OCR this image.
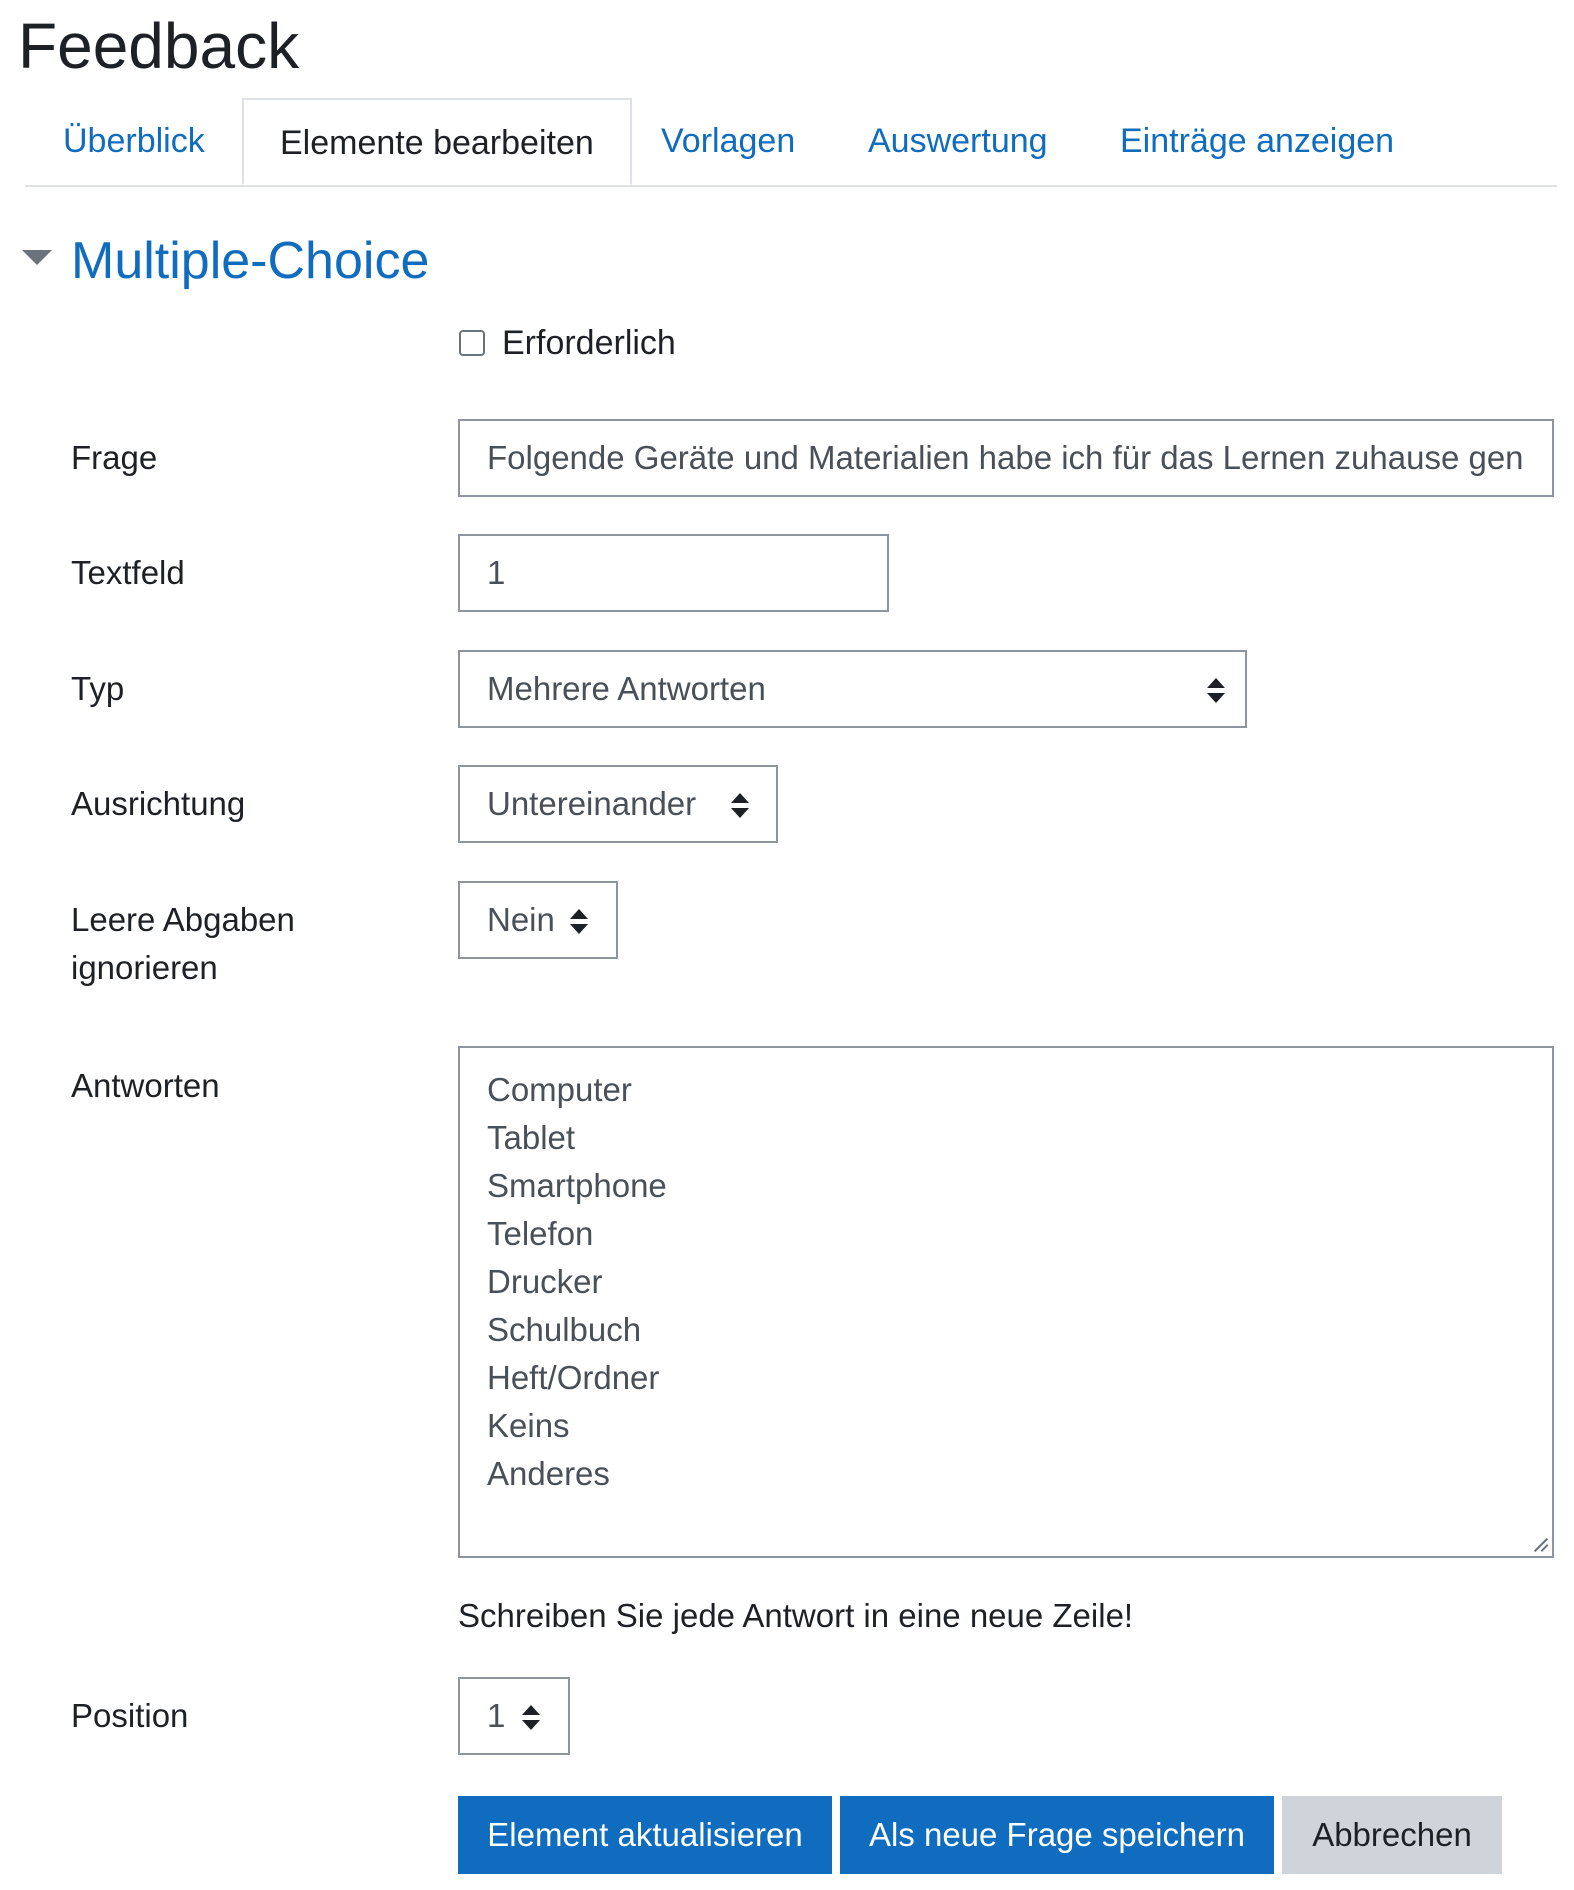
Feedback
Überblick	Elemente bearbeiten	Vorlagen Auswertung Einträge anzeigen
Multiple-Choice
Erforderlich
Frage	Folgende Geräte und Materialien habe ich für das Lernen zuhause gen
Textfeld	1
Typ	Mehrere Antworten
Ausrichtung	Untereinander
Leere Abgaben
ignorieren
Nein
Antworten	Computer
Tablet
Smartphone
Telefon
Drucker
Schulbuch
Heft/Ordner
Keins
Anderes
Schreiben Sie jede Antwort in eine neue Zeile!
Position	1
Element aktualisieren	Als neue Frage speichern	Abbrechen
